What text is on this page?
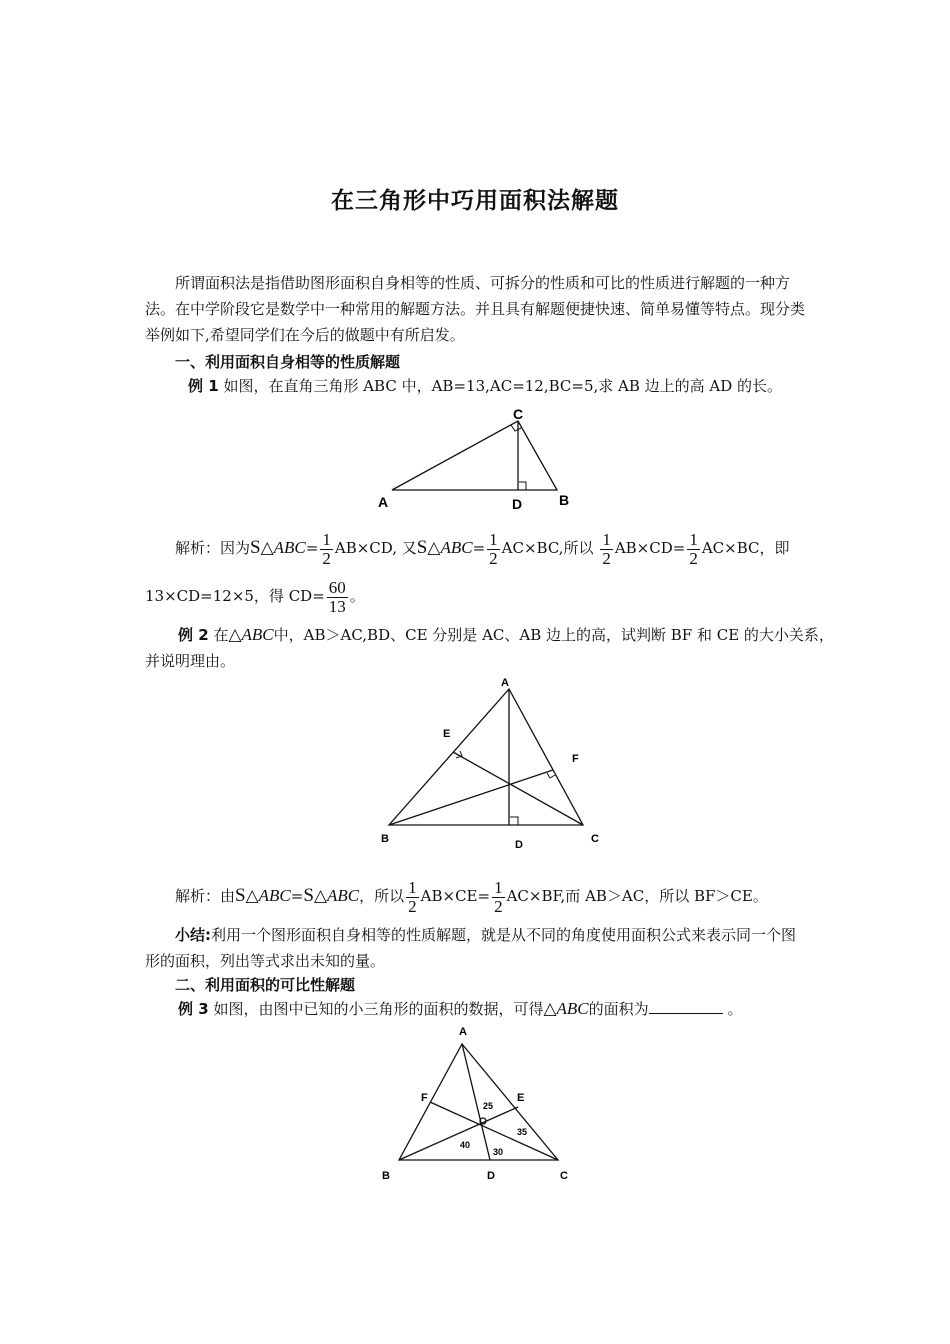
在三角形中巧用面积法解题
所谓面积法是指借助图形面积自身相等的性质、可拆分的性质和可比的性质进行解题的一种方法。在中学阶段它是数学中一种常用的解题方法。并且具有解题便捷快速、简单易懂等特点。现分类举例如下,希望同学们在今后的做题中有所启发。
一、利用面积自身相等的性质解题
例 1 如图，在直角三角形 ABC 中，AB=13,AC=12,BC=5,求 AB 边上的高 AD 的长。
C
A	D	B
解析：因为S△ABC= $\frac{1}{2} AB\times CD$, 又S△ABC= $\frac{1}{2} AC\times BC$,所以 $\frac{1}{2} AB\times CD= \frac{1}{2} AC\times BC$，即
13×CD=12×5，得 $CD= \frac{60}{13}$ 。
例 2 在△ABC中，AB＞AC,BD、CE 分别是 AC、AB 边上的高，试判断 BF 和 CE 的大小关系，
并说明理由。
A
E
F
B	D	C
解析：由S△ABC=S△ABC，所以 $\frac{1}{2} AB\times CE= \frac{1}{2} AC\times BF$,而 AB＞AC，所以 BF＞CE。
小结:利用一个图形面积自身相等的性质解题，就是从不同的角度使用面积公式来表示同一个图形的面积，列出等式求出未知的量。
二、利用面积的可比性解题
例 3 如图，由图中已知的小三角形的面积的数据，可得△ABC的面积为	。
A
F	E
B	D	C
25
35
40
30
